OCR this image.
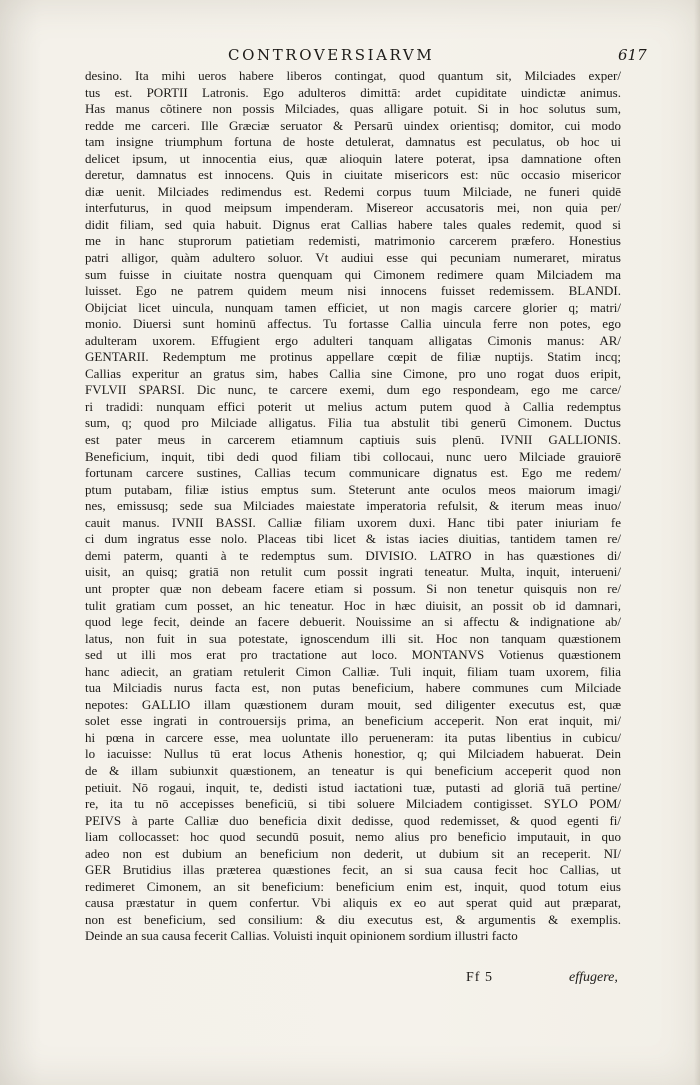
CONTROVERSIARVM	617
desino. Ita mihi ueros habere liberos contingat, quod quantum sit, Milciades exper/
tus est. PORTII Latronis. Ego adulteros dimittā: ardet cupiditate uindictæ animus.
Has manus cõtinere non possis Milciades, quas alligare potuit. Si in hoc solutus sum,
redde me carceri. Ille Græciæ seruator & Persarū uindex orientisq; domitor, cui modo
tam insigne triumphum fortuna de hoste detulerat, damnatus est peculatus, ob hoc ui
delicet ipsum, ut innocentia eius, quæ alioquin latere poterat, ipsa damnatione often
deretur, damnatus est innocens. Quis in ciuitate misericors est: nūc occasio misericor
diæ uenit. Milciades redimendus est. Redemi corpus tuum Milciade, ne funeri quidē
interfuturus, in quod meipsum impenderam. Misereor accusatoris mei, non quia per/
didit filiam, sed quia habuit. Dignus erat Callias habere tales quales redemit, quod si
me in hanc stuprorum patietiam redemisti, matrimonio carcerem præfero. Honestius
patri alligor, quàm adultero soluor. Vt audiui esse qui pecuniam numeraret, miratus
sum fuisse in ciuitate nostra quenquam qui Cimonem redimere quam Milciadem ma
luisset. Ego ne patrem quidem meum nisi innocens fuisset redemissem. BLANDI.
Obijciat licet uincula, nunquam tamen efficiet, ut non magis carcere glorier q; matri/
monio. Diuersi sunt hominū affectus. Tu fortasse Callia uincula ferre non potes, ego
adulteram uxorem. Effugient ergo adulteri tanquam alligatas Cimonis manus: AR/
GENTARII. Redemptum me protinus appellare cœpit de filiæ nuptijs. Statim incq;
Callias experitur an gratus sim, habes Callia sine Cimone, pro uno rogat duos eripit,
FVLVII SPARSI. Dic nunc, te carcere exemi, dum ego respondeam, ego me carce/
ri tradidi: nunquam effici poterit ut melius actum putem quod à Callia redemptus
sum, q; quod pro Milciade alligatus. Filia tua abstulit tibi generū Cimonem. Ductus
est pater meus in carcerem etiamnum captiuis suis plenū. IVNII GALLIONIS.
Beneficium, inquit, tibi dedi quod filiam tibi collocaui, nunc uero Milciade grauiorē
fortunam carcere sustines, Callias tecum communicare dignatus est. Ego me redem/
ptum putabam, filiæ istius emptus sum. Steterunt ante oculos meos maiorum imagi/
nes, emissusq; sede sua Milciades maiestate imperatoria refulsit, & iterum meas inuo/
cauit manus. IVNII BASSI. Calliæ filiam uxorem duxi. Hanc tibi pater iniuriam fe
ci dum ingratus esse nolo. Placeas tibi licet & istas iacies diuitias, tantidem tamen re/
demi paterm, quanti à te redemptus sum. DIVISIO. LATRO in has quæstiones di/
uisit, an quisq; gratiā non retulit cum possit ingrati teneatur. Multa, inquit, interueni/
unt propter quæ non debeam facere etiam si possum. Si non tenetur quisquis non re/
tulit gratiam cum posset, an hic teneatur. Hoc in hæc diuisit, an possit ob id damnari,
quod lege fecit, deinde an facere debuerit. Nouissime an si affectu & indignatione ab/
latus, non fuit in sua potestate, ignoscendum illi sit. Hoc non tanquam quæstionem
sed ut illi mos erat pro tractatione aut loco. MONTANVS Votienus quæstionem
hanc adiecit, an gratiam retulerit Cimon Calliæ. Tuli inquit, filiam tuam uxorem, filia
tua Milciadis nurus facta est, non putas beneficium, habere communes cum Milciade
nepotes: GALLIO illam quæstionem duram mouit, sed diligenter executus est, quæ
solet esse ingrati in controuersijs prima, an beneficium acceperit. Non erat inquit, mi/
hi pœna in carcere esse, mea uoluntate illo perueneram: ita putas libentius in cubicu/
lo iacuisse: Nullus tū erat locus Athenis honestior, q; qui Milciadem habuerat. Dein
de & illam subiunxit quæstionem, an teneatur is qui beneficium acceperit quod non
petiuit. Nō rogaui, inquit, te, dedisti istud iactationi tuæ, putasti ad gloriā tuā pertine/
re, ita tu nō accepisses beneficiū, si tibi soluere Milciadem contigisset. SYLO POM/
PEIVS à parte Calliæ duo beneficia dixit dedisse, quod redemisset, & quod egenti fi/
liam collocasset: hoc quod secundū posuit, nemo alius pro beneficio imputauit, in quo
adeo non est dubium an beneficium non dederit, ut dubium sit an receperit. NI/
GER Brutidius illas præterea quæstiones fecit, an si sua causa fecit hoc Callias, ut
redimeret Cimonem, an sit beneficium: beneficium enim est, inquit, quod totum eius
causa præstatur in quem confertur. Vbi aliquis ex eo aut sperat quid aut præparat,
non est beneficium, sed consilium: & diu executus est, & argumentis & exemplis.
Deinde an sua causa fecerit Callias. Voluisti inquit opinionem sordium illustri facto
Ff 5	effugere,
